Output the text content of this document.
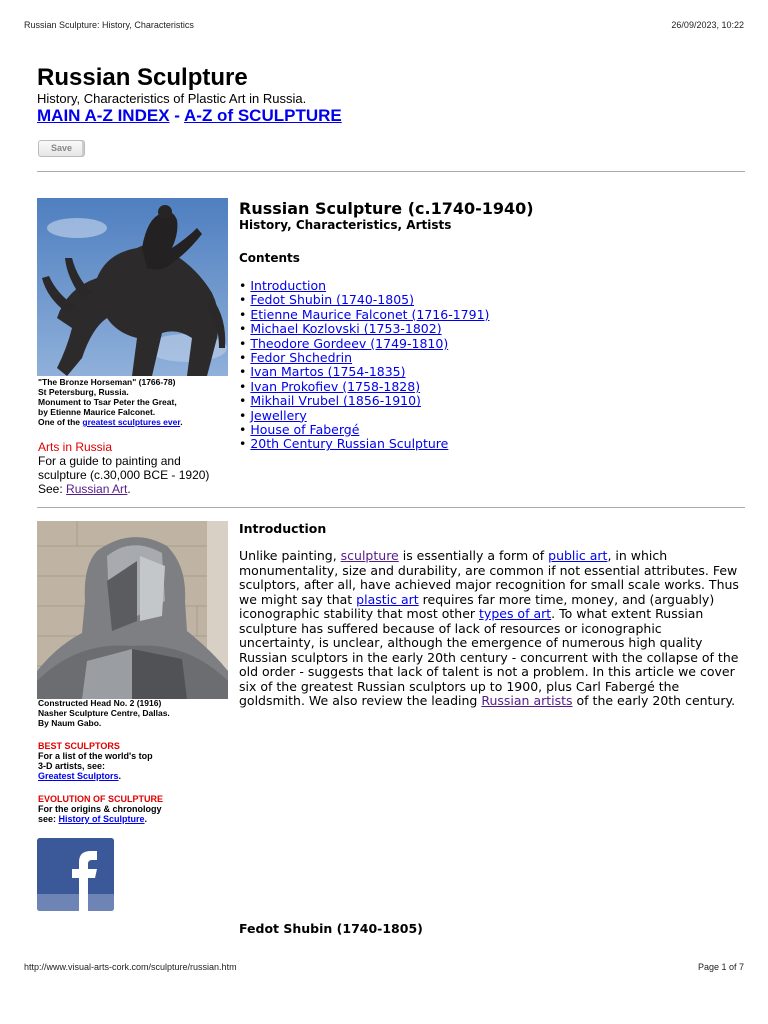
Russian Sculpture: History, Characteristics	26/09/2023, 10:22
Russian Sculpture
History, Characteristics of Plastic Art in Russia.
MAIN A-Z INDEX - A-Z of SCULPTURE
Save
"The Bronze Horseman" (1766-78)
St Petersburg, Russia.
Monument to Tsar Peter the Great,
by Etienne Maurice Falconet.
One of the greatest sculptures ever.
Arts in Russia
For a guide to painting and
sculpture (c.30,000 BCE - 1920)
See: Russian Art.
Russian Sculpture (c.1740-1940)
History, Characteristics, Artists
Contents
• Introduction
• Fedot Shubin (1740-1805)
• Etienne Maurice Falconet (1716-1791)
• Michael Kozlovski (1753-1802)
• Theodore Gordeev (1749-1810)
• Fedor Shchedrin
• Ivan Martos (1754-1835)
• Ivan Prokofiev (1758-1828)
• Mikhail Vrubel (1856-1910)
• Jewellery
• House of Fabergé
• 20th Century Russian Sculpture
Constructed Head No. 2 (1916)
Nasher Sculpture Centre, Dallas.
By Naum Gabo.
BEST SCULPTORS
For a list of the world's top
3-D artists, see:
Greatest Sculptors.
EVOLUTION OF SCULPTURE
For the origins & chronology
see: History of Sculpture.
Introduction
Unlike painting, sculpture is essentially a form of public art, in which monumentality, size and durability, are common if not essential attributes. Few sculptors, after all, have achieved major recognition for small scale works. Thus we might say that plastic art requires far more time, money, and (arguably) iconographic stability that most other types of art. To what extent Russian sculpture has suffered because of lack of resources or iconographic uncertainty, is unclear, although the emergence of numerous high quality Russian sculptors in the early 20th century - concurrent with the collapse of the old order - suggests that lack of talent is not a problem. In this article we cover six of the greatest Russian sculptors up to 1900, plus Carl Fabergé the goldsmith. We also review the leading Russian artists of the early 20th century.
Fedot Shubin (1740-1805)
http://www.visual-arts-cork.com/sculpture/russian.htm	Page 1 of 7
